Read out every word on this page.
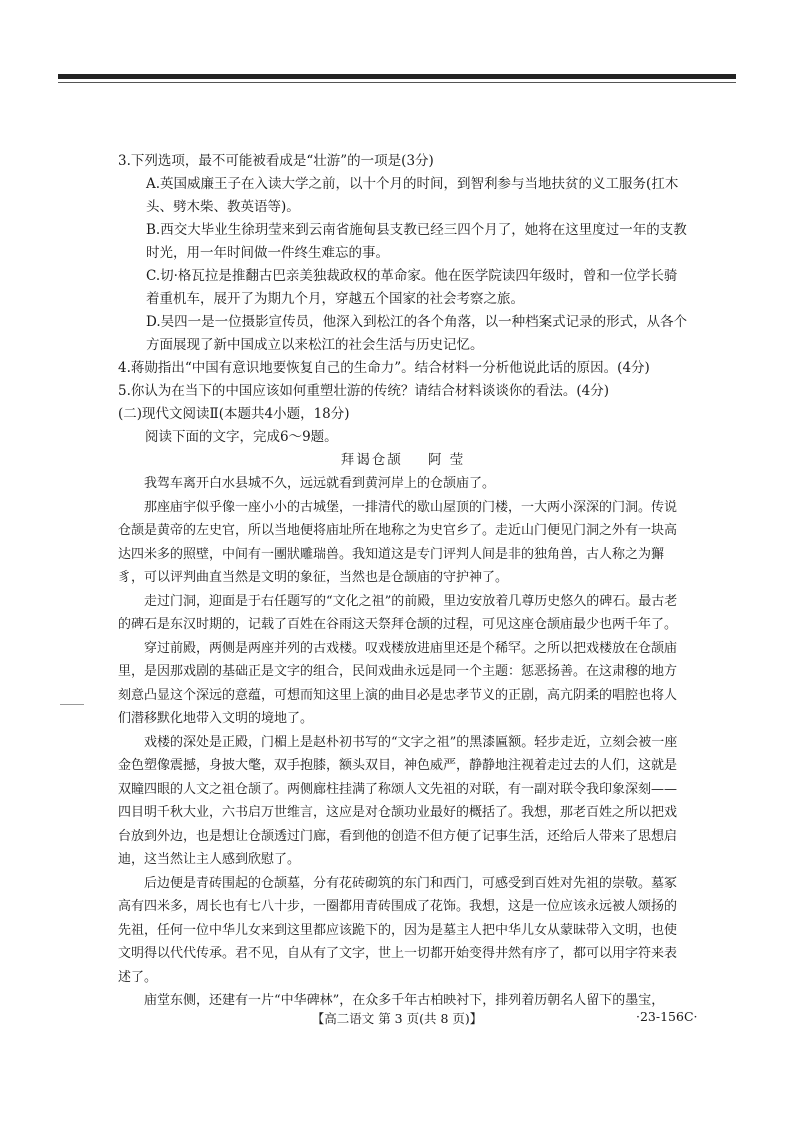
3.下列选项，最不可能被看成是“壮游”的一项是(3分)

A.英国威廉王子在入读大学之前，以十个月的时间，到智利参与当地扶贫的义工服务(扛木头、劈木柴、教英语等)。

B.西交大毕业生徐玥莹来到云南省施甸县支教已经三四个月了，她将在这里度过一年的支教时光，用一年时间做一件终生难忘的事。

C.切·格瓦拉是推翻古巴亲美独裁政权的革命家。他在医学院读四年级时，曾和一位学长骑着重机车，展开了为期九个月，穿越五个国家的社会考察之旅。

D.吴四一是一位摄影宣传员，他深入到松江的各个角落，以一种档案式记录的形式，从各个方面展现了新中国成立以来松江的社会生活与历史记忆。

4.蒋勋指出“中国有意识地要恢复自己的生命力”。结合材料一分析他说此话的原因。(4分)

5.你认为在当下的中国应该如何重塑壮游的传统？请结合材料谈谈你的看法。(4分)

(二)现代文阅读Ⅱ(本题共4小题，18分)

阅读下面的文字，完成6～9题。

拜谒仓颉 阿 莹

我驾车离开白水县城不久，远远就看到黄河岸上的仓颉庙了。

那座庙宇似乎像一座小小的古城堡，一排清代的歇山屋顶的门楼，一大两小深深的门洞。传说仓颉是黄帝的左史官，所以当地便将庙址所在地称之为史官乡了。走近山门便见门洞之外有一块高达四米多的照壁，中间有一團狀雕瑞兽。我知道这是专门评判人间是非的独角兽，古人称之为獬豸，可以评判曲直当然是文明的象征，当然也是仓颉庙的守护神了。

走过门洞，迎面是于右任题写的“文化之祖”的前殿，里边安放着几尊历史悠久的碑石。最古老的碑石是东汉时期的，记载了百姓在谷雨这天祭拜仓颉的过程，可见这座仓颉庙最少也两千年了。

穿过前殿，两侧是两座并列的古戏楼。叹戏楼放进庙里还是个稀罕。之所以把戏楼放在仓颉庙里，是因那戏剧的基础正是文字的组合，民间戏曲永远是同一个主题：惩恶扬善。在这肃穆的地方刻意凸显这个深远的意蕴，可想而知这里上演的曲目必是忠孝节义的正剧，高亢阴柔的唱腔也将人们潜移默化地带入文明的境地了。

戏楼的深处是正殿，门楣上是赵朴初书写的“文字之祖”的黑漆匾额。轻步走近，立刻会被一座金色塑像震撼，身披大氅，双手抱膝，额头双目，神色威严，静静地注视着走过去的人们，这就是双瞳四眼的人文之祖仓颉了。两侧廊柱挂满了称颂人文先祖的对联，有一副对联令我印象深刻——四目明千秋大业，六书启万世维言，这应是对仓颉功业最好的概括了。我想，那老百姓之所以把戏台放到外边，也是想让仓颉透过门廊，看到他的创造不但方便了记事生活，还给后人带来了思想启迪，这当然让主人感到欣慰了。

后边便是青砖围起的仓颉墓，分有花砖砌筑的东门和西门，可感受到百姓对先祖的崇敬。墓冢高有四米多，周长也有七八十步，一圈都用青砖围成了花饰。我想，这是一位应该永远被人颂扬的先祖，任何一位中华儿女来到这里都应该跪下的，因为是墓主人把中华儿女从蒙昧带入文明，也使文明得以代代传承。君不见，自从有了文字，世上一切都开始变得井然有序了，都可以用字符来表述了。

庙堂东侧，还建有一片“中华碑林”，在众多千年古柏映衬下，排列着历朝名人留下的墨宝，

【高二语文 第 3 页(共 8 页)】	·23-156C·
